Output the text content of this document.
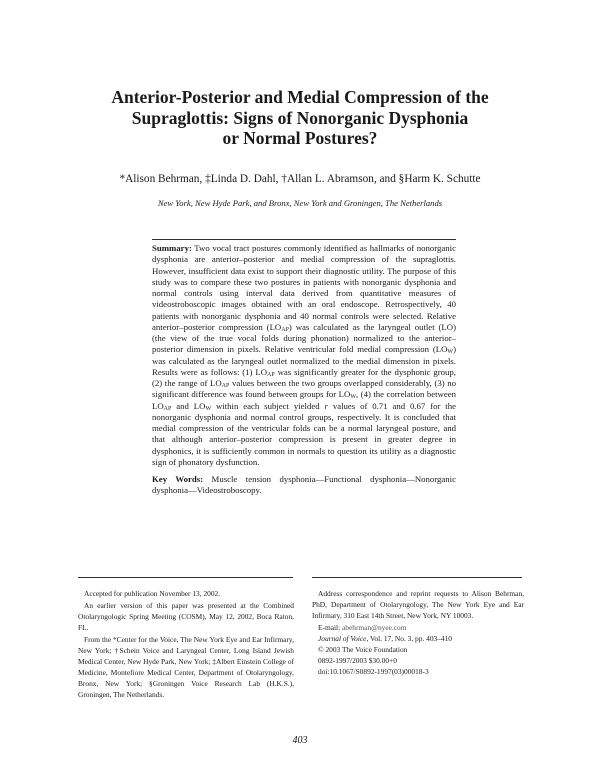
Anterior-Posterior and Medial Compression of the
Supraglottis: Signs of Nonorganic Dysphonia
or Normal Postures?

*Alison Behrman, ‡Linda D. Dahl, †Allan L. Abramson, and §Harm K. Schutte

New York, New Hyde Park, and Bronx, New York and Groningen, The Netherlands

Summary: Two vocal tract postures commonly identified as hallmarks of nonorganic dysphonia are anterior–posterior and medial compression of the supraglottis. However, insufficient data exist to support their diagnostic utility. The purpose of this study was to compare these two postures in patients with nonorganic dysphonia and normal controls using interval data derived from quantitative measures of videostroboscopic images obtained with an oral endoscope. Retrospectively, 40 patients with nonorganic dysphonia and 40 normal controls were selected. Relative anterior–posterior compression $(LO_{AP})$ was calculated as the laryngeal outlet (LO) (the view of the true vocal folds during phonation) normalized to the anterior–posterior dimension in pixels. Relative ventricular fold medial compression $(LO_W)$ was calculated as the laryngeal outlet normalized to the medial dimension in pixels. Results were as follows: (1) $LO_{AP}$ was significantly greater for the dysphonic group, (2) the range of $LO_{AP}$ values between the two groups overlapped considerably, (3) no significant difference was found between groups for $LO_W$, (4) the correlation between $LO_{AP}$ and $LO_W$ within each subject yielded r values of 0.71 and 0.67 for the nonorganic dysphonia and normal control groups, respectively. It is concluded that medial compression of the ventricular folds can be a normal laryngeal posture, and that although anterior–posterior compression is present in greater degree in dysphonics, it is sufficiently common in normals to question its utility as a diagnostic sign of phonatory dysfunction.

Key Words: Muscle tension dysphonia—Functional dysphonia—Nonorganic dysphonia—Videostroboscopy.

Accepted for publication November 13, 2002.

An earlier version of this paper was presented at the Combined Otolaryngologic Spring Meeting (COSM), May 12, 2002, Boca Raton, FL.

From the *Center for the Voice, The New York Eye and Ear Infirmary, New York; †Schein Voice and Laryngeal Center, Long Island Jewish Medical Center, New Hyde Park, New York; ‡Albert Einstein College of Medicine, Montefiore Medical Center, Department of Otolaryngology, Bronx, New York; §Groningen Voice Research Lab (H.K.S.), Groningen, The Netherlands.

Address correspondence and reprint requests to Alison Behrman, PhD, Department of Otolaryngology, The New York Eye and Ear Infirmary, 310 East 14th Street, New York, NY 10003.

E-mail: abehrman@nyee.com

Journal of Voice, Vol. 17, No. 3, pp. 403–410

© 2003 The Voice Foundation

0892-1997/2003 $30.00+0

doi:10.1067/S0892-1997(03)00018-3

403
